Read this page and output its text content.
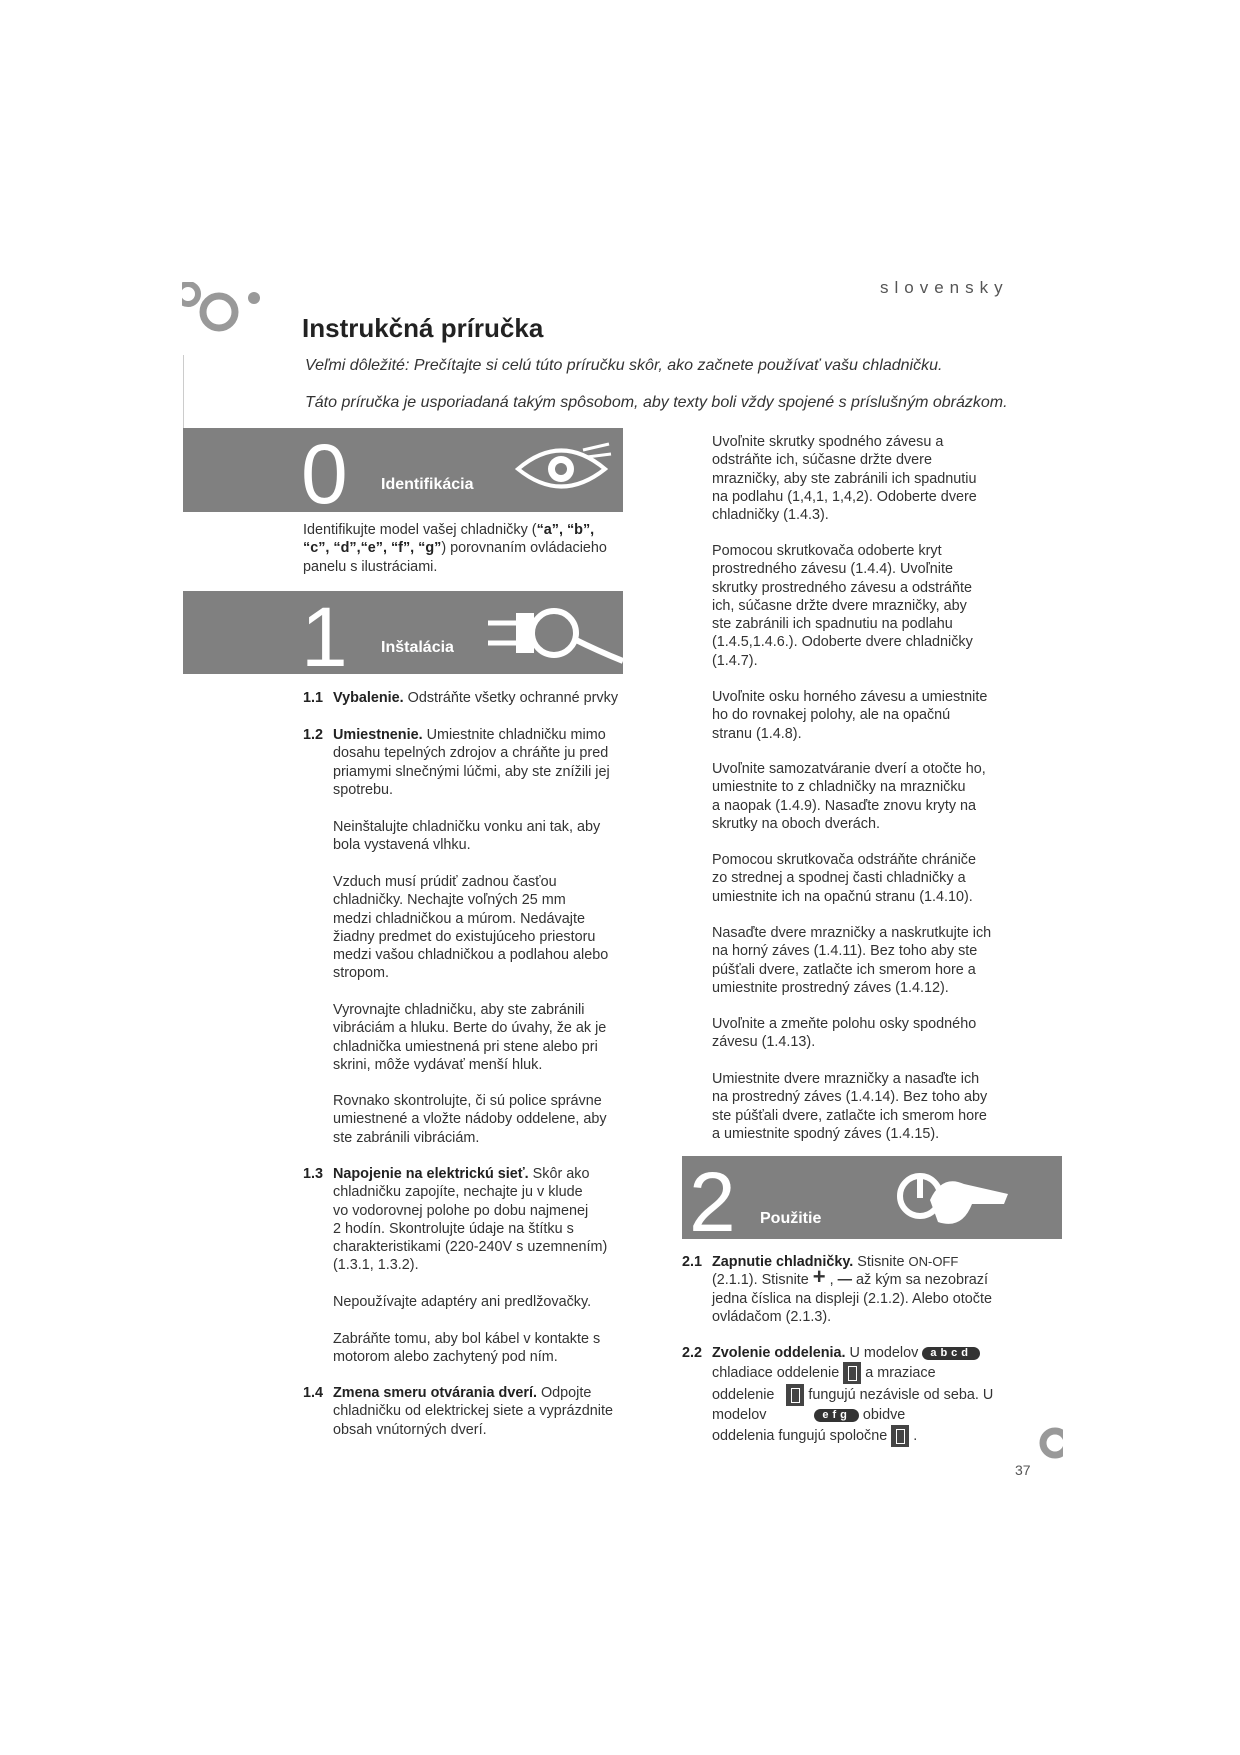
slovensky
Instrukčná príručka
Veľmi dôležité: Prečítajte si celú túto príručku skôr, ako začnete používať vašu chladničku.
Táto príručka je usporiadaná takým spôsobom, aby texty boli vždy spojené s príslušným obrázkom.
0 Identifikácia
Identifikujte model vašej chladničky (“a”, “b”,
“c”, “d”,“e”, “f”, “g”) porovnaním ovládacieho
panelu s ilustráciami.
1 Inštalácia
1.1 Vybalenie. Odstráňte všetky ochranné prvky
1.2 Umiestnenie. Umiestnite chladničku mimo
dosahu tepelných zdrojov a chráňte ju pred
priamymi slnečnými lúčmi, aby ste znížili jej
spotrebu.
Neinštalujte chladničku vonku ani tak, aby
bola vystavená vlhku.
Vzduch musí prúdiť zadnou časťou
chladničky. Nechajte voľných 25 mm
medzi chladničkou a múrom. Nedávajte
žiadny predmet do existujúceho priestoru
medzi vašou chladničkou a podlahou alebo
stropom.
Vyrovnajte chladničku, aby ste zabránili
vibráciám a hluku. Berte do úvahy, že ak je
chladnička umiestnená pri stene alebo pri
skrini, môže vydávať menší hluk.
Rovnako skontrolujte, či sú police správne
umiestnené a vložte nádoby oddelene, aby
ste zabránili vibráciám.
1.3 Napojenie na elektrickú sieť. Skôr ako
chladničku zapojíte, nechajte ju v klude
vo vodorovnej polohe po dobu najmenej
2 hodín. Skontrolujte údaje na štítku s
charakteristikami (220-240V s uzemnením)
(1.3.1, 1.3.2).
Nepoužívajte adaptéry ani predlžovačky.
Zabráňte tomu, aby bol kábel v kontakte s
motorom alebo zachytený pod ním.
1.4 Zmena smeru otvárania dverí. Odpojte
chladničku od elektrickej siete a vyprázdnite
obsah vnútorných dverí.
Uvoľnite skrutky spodného závesu a
odstráňte ich, súčasne držte dvere
mrazničky, aby ste zabránili ich spadnutiu
na podlahu (1,4,1, 1,4,2). Odoberte dvere
chladničky (1.4.3).
Pomocou skrutkovača odoberte kryt
prostredného závesu (1.4.4). Uvoľnite
skrutky prostredného závesu a odstráňte
ich, súčasne držte dvere mrazničky, aby
ste zabránili ich spadnutiu na podlahu
(1.4.5,1.4.6.). Odoberte dvere chladničky
(1.4.7).
Uvoľnite osku horného závesu a umiestnite
ho do rovnakej polohy, ale na opačnú
stranu (1.4.8).
Uvoľnite samozatváranie dverí a otočte ho,
umiestnite to z chladničky na mrazničku
a naopak (1.4.9). Nasaďte znovu kryty na
skrutky na oboch dverách.
Pomocou skrutkovača odstráňte chrániče
zo strednej a spodnej časti chladničky a
umiestnite ich na opačnú stranu (1.4.10).
Nasaďte dvere mrazničky a naskrutkujte ich
na horný záves (1.4.11). Bez toho aby ste
púšťali dvere, zatlačte ich smerom hore a
umiestnite prostredný záves (1.4.12).
Uvoľnite a zmeňte polohu osky spodného
závesu (1.4.13).
Umiestnite dvere mrazničky a nasaďte ich
na prostredný záves (1.4.14). Bez toho aby
ste púšťali dvere, zatlačte ich smerom hore
a umiestnite spodný záves (1.4.15).
2 Použitie
2.1 Zapnutie chladničky. Stisnite ON-OFF
(2.1.1). Stisnite + , — až kým sa nezobrazí
jedna číslica na displeji (2.1.2). Alebo otočte
ovládačom (2.1.3).
2.2 Zvolenie oddelenia. U modelov abcd
chladiace oddelenie  a mraziace
oddelenie    fungujú nezávisle od seba. U
modelov	efg obidve
oddelenia fungujú spoločne  .
37
